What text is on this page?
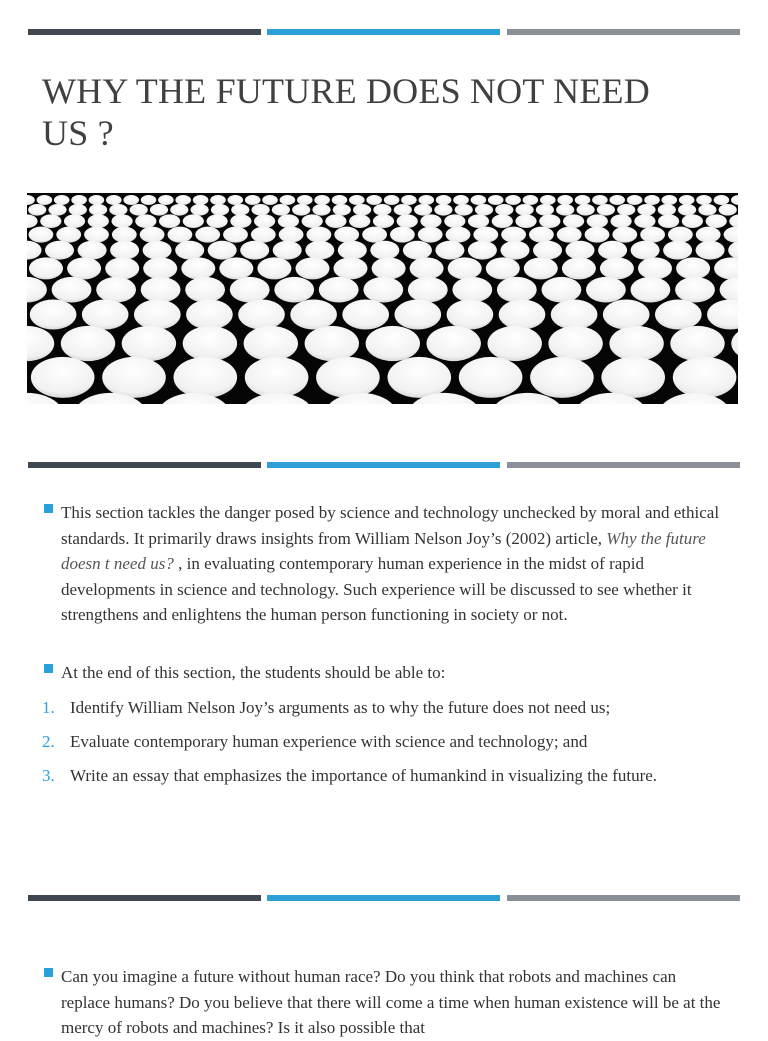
WHY THE FUTURE DOES NOT NEED US ?
This section tackles the danger posed by science and technology unchecked by moral and ethical standards. It primarily draws insights from William Nelson Joy’s (2002) article, Why the future doesn t need us? , in evaluating contemporary human experience in the midst of rapid developments in science and technology. Such experience will be discussed to see whether it strengthens and enlightens the human person functioning in society or not.
At the end of this section, the students should be able to:
1. Identify William Nelson Joy’s arguments as to why the future does not need us;
2. Evaluate contemporary human experience with science and technology; and
3. Write an essay that emphasizes the importance of humankind in visualizing the future.
Can you imagine a future without human race? Do you think that robots and machines can replace humans? Do you believe that there will come a time when human existence will be at the mercy of robots and machines? Is it also possible that
